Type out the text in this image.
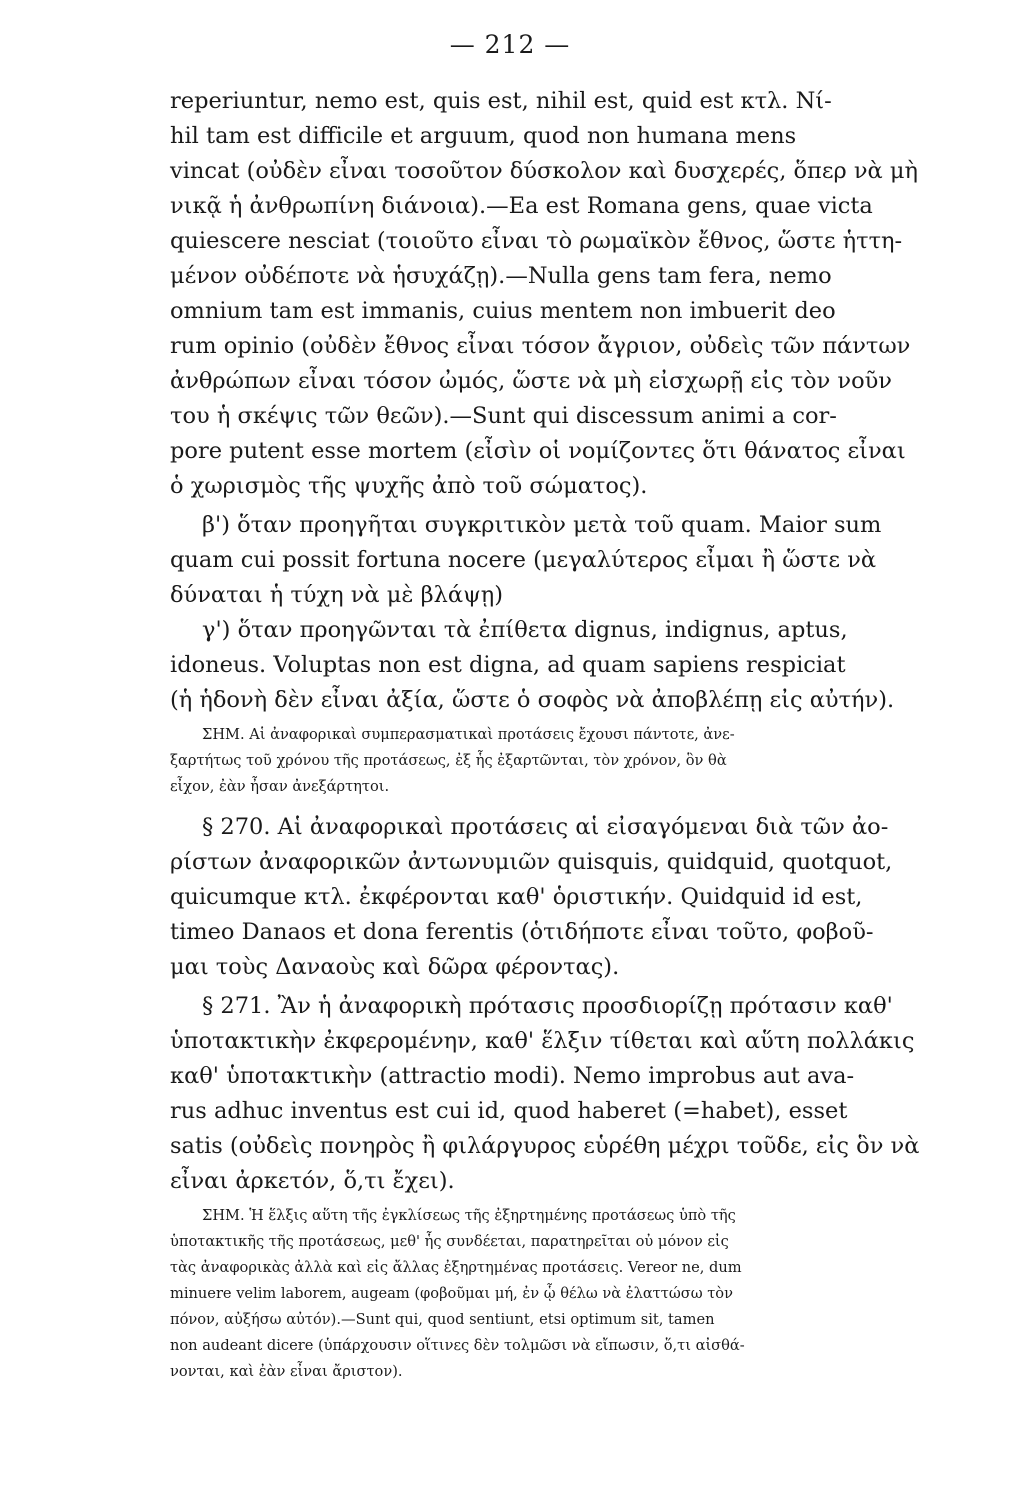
— 212 —
reperiuntur, nemo est, quis est, nihil est, quid est κτλ. Νί-
hil tam est difficile et arguum, quod non humana mens
vincat (οὐδὲν εἶναι τοσοῦτον δύσκολον καὶ δυσχερές, ὅπερ νὰ μὴ
νικᾷ ἡ ἀνθρωπίνη διάνοια).—Ea est Romana gens, quae victa
quiescere nesciat (τοιοῦτο εἶναι τὸ ρωμαϊκὸν ἔθνος, ὥστε ἡττη-
μένον οὐδέποτε νὰ ἡσυχάζῃ).—Nulla gens tam fera, nemo
omnium tam est immanis, cuius mentem non imbuerit deo
rum opinio (οὐδὲν ἔθνος εἶναι τόσον ἄγριον, οὐδεὶς τῶν πάντων
ἀνθρώπων εἶναι τόσον ὠμός, ὥστε νὰ μὴ εἰσχωρῇ εἰς τὸν νοῦν
του ἡ σκέψις τῶν θεῶν).—Sunt qui discessum animi a cor-
pore putent esse mortem (εἶσὶν οἱ νομίζοντες ὅτι θάνατος εἶναι
ὁ χωρισμὸς τῆς ψυχῆς ἀπὸ τοῦ σώματος).
β') ὅταν προηγῆται συγκριτικὸν μετὰ τοῦ quam. Maior sum
quam cui possit fortuna nocere (μεγαλύτερος εἶμαι ἢ ὥστε νὰ
δύναται ἡ τύχη νὰ μὲ βλάψῃ)
γ') ὅταν προηγῶνται τὰ ἐπίθετα dignus, indignus, aptus,
idoneus. Voluptas non est digna, ad quam sapiens respiciat
(ἡ ἡδονὴ δὲν εἶναι ἀξία, ὥστε ὁ σοφὸς νὰ ἀποβλέπῃ εἰς αὐτήν).
ΣΗΜ. Αἱ ἀναφορικαὶ συμπερασματικαὶ προτάσεις ἔχουσι πάντοτε, ἀνε-
ξαρτήτως τοῦ χρόνου τῆς προτάσεως, ἐξ ἧς ἐξαρτῶνται, τὸν χρόνον, ὃν θὰ
εἶχον, ἐὰν ἦσαν ἀνεξάρτητοι.
§ 270. Αἱ ἀναφορικαὶ προτάσεις αἱ εἰσαγόμεναι διὰ τῶν ἀο-
ρίστων ἀναφορικῶν ἀντωνυμιῶν quisquis, quidquid, quotquot,
quicumque κτλ. ἐκφέρονται καθ' ὁριστικήν. Quidquid id est,
timeo Danaos et dona ferentis (ὁτιδήποτε εἶναι τοῦτο, φοβοῦ-
μαι τοὺς Δαναοὺς καὶ δῶρα φέροντας).
§ 271. Ἂν ἡ ἀναφορικὴ πρότασις προσδιορίζῃ πρότασιν καθ'
ὑποτακτικὴν ἐκφερομένην, καθ' ἕλξιν τίθεται καὶ αὕτη πολλάκις
καθ' ὑποτακτικὴν (attractio modi). Nemo improbus aut ava-
rus adhuc inventus est cui id, quod haberet (=habet), esset
satis (οὐδεὶς πονηρὸς ἢ φιλάργυρος εὑρέθη μέχρι τοῦδε, εἰς ὃν νὰ
εἶναι ἀρκετόν, ὅ,τι ἔχει).
ΣΗΜ. Ἡ ἕλξις αὕτη τῆς ἐγκλίσεως τῆς ἐξηρτημένης προτάσεως ὑπὸ τῆς
ὑποτακτικῆς τῆς προτάσεως, μεθ' ἧς συνδέεται, παρατηρεῖται οὐ μόνον εἰς
τὰς ἀναφορικὰς ἀλλὰ καὶ εἰς ἄλλας ἐξηρτημένας προτάσεις. Vereor ne, dum
minuere velim laborem, augeam (φοβοῦμαι μή, ἐν ᾧ θέλω νὰ ἐλαττώσω τὸν
πόνον, αὐξήσω αὐτόν).—Sunt qui, quod sentiunt, etsi optimum sit, tamen
non audeant dicere (ὑπάρχουσιν οἵτινες δὲν τολμῶσι νὰ εἴπωσιν, ὅ,τι αἰσθά-
νονται, καὶ ἐὰν εἶναι ἄριστον).
